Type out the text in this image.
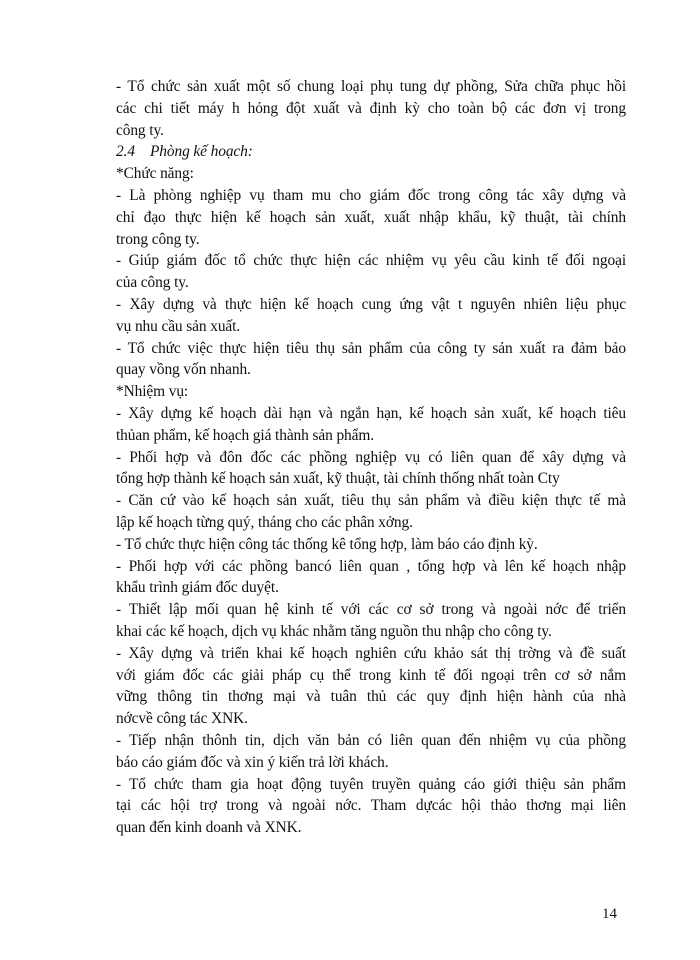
- Tổ chức sản xuất một số chung loại phụ tung dự phồng, Sửa chữa phục hồi
các chi tiết máy h hỏng đột xuất và định kỳ cho toàn bộ các đơn vị trong
công ty.
2.4 Phòng kế hoạch:
*Chức năng:
- Là phòng nghiệp vụ tham mu cho giám đốc trong công tác xây dựng và
chỉ đạo thực hiện kế hoạch sản xuất, xuất nhập khẩu, kỹ thuật, tài chính
trong công ty.
- Giúp giám đốc tổ chức thực hiện các nhiệm vụ yêu cầu kinh tế đối ngoại
của công ty.
- Xây dựng và thực hiện kế hoạch cung ứng vật t nguyên nhiên liệu phục
vụ nhu cầu sản xuất.
- Tổ chức việc thực hiện tiêu thụ sản phẩm của công ty sản xuất ra đảm bảo
quay vồng vốn nhanh.
*Nhiệm vụ:
- Xây dựng kế hoạch dài hạn và ngắn hạn, kế hoạch sản xuất, kế hoạch tiêu
thủan phẩm, kế hoạch giá thành sản phẩm.
- Phối hợp và đôn đốc các phồng nghiệp vụ có liên quan để xây dựng và
tổng hợp thành kế hoạch sản xuất, kỹ thuật, tài chính thống nhất toàn Cty
- Căn cứ vào kế hoạch sản xuất, tiêu thụ sản phẩm và điều kiện thực tế mà
lập kế hoạch từng quý, tháng cho các phân xởng.
- Tổ chức thực hiện công tác thống kê tổng hợp, làm báo cáo định kỳ.
- Phối hợp với các phồng bancó liên quan , tổng hợp và lên kế hoạch nhập
khẩu trình giám đốc duyệt.
- Thiết lập mối quan hệ kinh tế với các cơ sở trong và ngoài nớc để triển
khai các kế hoạch, dịch vụ khác nhằm tăng nguồn thu nhập cho công ty.
- Xây dựng và triển khai kế hoạch nghiên cứu khảo sát thị trờng và đề suất
với giám đốc các giải pháp cụ thể trong kinh tế đối ngoại trên cơ sở nắm
vững thông tin thơng mại và tuân thủ các quy định hiện hành của nhà
nớcvề công tác XNK.
- Tiếp nhận thônh tin, dịch văn bản có liên quan đến nhiệm vụ của phồng
báo cáo giám đốc và xin ý kiến trả lời khách.
- Tổ chức tham gia hoạt động tuyên truyền quảng cáo giới thiệu sản phẩm
tại các hội trợ trong và ngoài nớc. Tham dựcác hội thảo thơng mại liên
quan đến kinh doanh và XNK.
14
